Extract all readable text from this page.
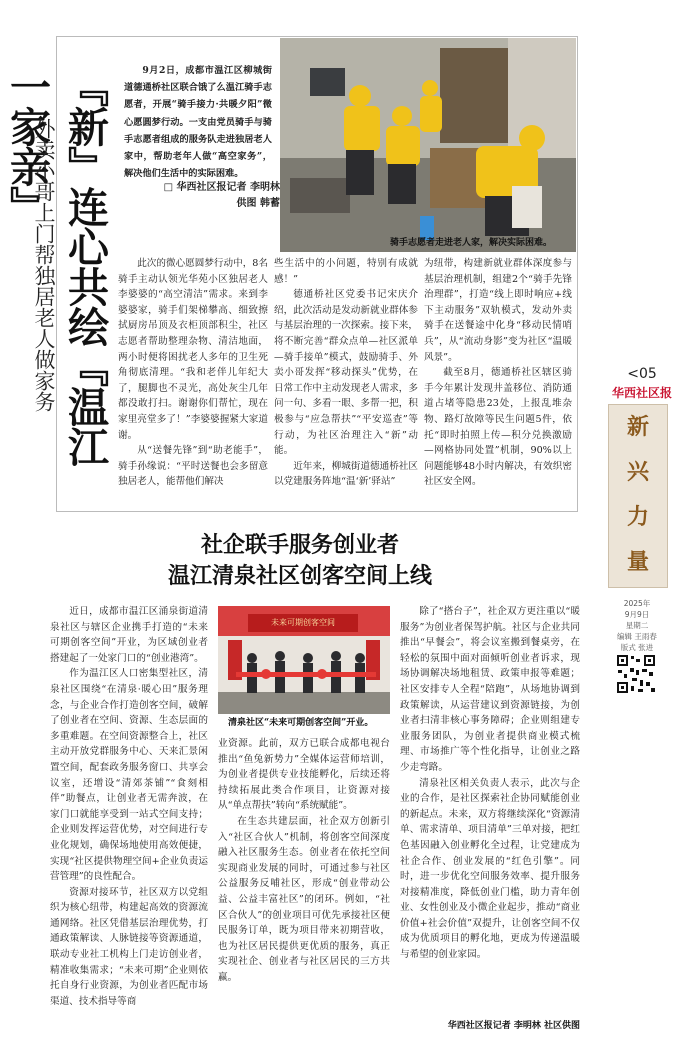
『新』连心共绘『温江一家亲』
外卖小哥上门帮独居老人做家务

9月2日，成都市温江区柳城街道德通桥社区联合饿了么温江骑手志愿者，开展“骑手接力·共暖夕阳”微心愿圆梦行动。一支由党员骑手与骑手志愿者组成的服务队走进独居老人家中，帮助老年人做“高空家务”，解决他们生活中的实际困难。

□ 华西社区报记者 李明林
供图 韩蓄
骑手志愿者走进老人家，解决实际困难。

此次的微心愿圆梦行动中，8名骑手主动认领光华苑小区独居老人李婆婆的“高空清洁”需求。来到李婆婆家，骑手们架梯攀高、细致擦拭厨房吊顶及衣柜顶部积尘，社区志愿者帮助整理杂物、清洁地面，两小时便将困扰老人多年的卫生死角彻底清理。“我和老伴儿年纪大了，腿脚也不灵光，高处灰尘几年都没敢打扫。谢谢你们帮忙，现在家里亮堂多了！”李婆婆握紧大家道谢。

从“送餐先锋”到“助老能手”，骑手孙缘说：“平时送餐也会多留意独居老人，能帮他们解决

些生活中的小问题，特别有成就感！”

德通桥社区党委书记宋庆介绍，此次活动是发动新就业群体参与基层治理的一次探索。接下来，将不断完善“群众点单—社区派单—骑手接单”模式，鼓励骑手、外卖小哥发挥“移动探头”优势，在日常工作中主动发现老人需求，多问一句、多看一眼、多帮一把，积极参与“应急帮扶”“平安巡查”等行动，为社区治理注入“新”动能。

近年来，柳城街道德通桥社区以党建服务阵地“温‘新’驿站”

为纽带，构建新就业群体深度参与基层治理机制，组建2个“骑手先锋治理群”，打造“线上即时响应+线下主动服务”双轨模式，发动外卖骑手在送餐途中化身“移动民情哨兵”，从“流动身影”变为社区“温暖风景”。

截至8月，德通桥社区辖区骑手今年累计发现井盖移位、消防通道占堵等隐患23处，上报乱堆杂物、路灯故障等民生问题5件，依托“即时拍照上传—积分兑换激励—网格协同处置”机制，90%以上问题能够48小时内解决，有效织密社区安全网。

<05
华西社区报
新
兴
力
量
2025年
9月9日
星期二
编辑 王雨春
版式 张进
社企联手服务创业者
温江清泉社区创客空间上线
未来可期创客空间
清泉社区“未来可期创客空间”开业。

近日，成都市温江区涌泉街道清泉社区与辖区企业携手打造的“未来可期创客空间”开业，为区域创业者搭建起了一处家门口的“创业港湾”。

作为温江区人口密集型社区，清泉社区围绕“在清泉·暖心田”服务理念，与企业合作打造创客空间，破解了创业者在空间、资源、生态层面的多重难题。在空间资源整合上，社区主动开放党群服务中心、天来汇景闲置空间，配套政务服务窗口、共享会议室，还增设“清郊茶铺”“食刻相伴”助餐点，让创业者无需奔波，在家门口就能享受到一站式空间支持；企业则发挥运营优势，对空间进行专业化规划，确保场地使用高效便捷，实现“社区提供物理空间+企业负责运营管理”的良性配合。

资源对接环节，社区双方以党组织为核心纽带，构建起高效的资源流通网络。社区凭借基层治理优势，打通政策解读、人脉链接等资源通道，联动专业社工机构上门走访创业者，精准收集需求；“未来可期”企业则依托自身行业资源，为创业者匹配市场渠道、技术指导等商

业资源。此前，双方已联合成都电视台推出“鱼兔新势力”全媒体运营师培训，为创业者提供专业技能孵化，后续还将持续拓展此类合作项目，让资源对接从“单点帮扶”转向“系统赋能”。

在生态共建层面，社企双方创新引入“社区合伙人”机制，将创客空间深度融入社区服务生态。创业者在依托空间实现商业发展的同时，可通过参与社区公益服务反哺社区，形成“创业带动公益、公益丰富社区”的闭环。例如，“社区合伙人”的创业项目可优先承接社区便民服务订单，既为项目带来初期营收，也为社区居民提供更优质的服务，真正实现社企、创业者与社区居民的三方共赢。

除了“搭台子”，社企双方更注重以“暖服务”为创业者保驾护航。社区与企业共同推出“早餐会”，将会议室搬到餐桌旁，在轻松的氛围中面对面倾听创业者诉求，现场协调解决场地租赁、政策申报等难题；社区安排专人全程“陪跑”，从场地协调到政策解读，从运营建议到资源链接，为创业者扫清非核心事务障碍；企业则组建专业服务团队，为创业者提供商业模式梳理、市场推广等个性化指导，让创业之路少走弯路。

清泉社区相关负责人表示，此次与企业的合作，是社区探索社企协同赋能创业的新起点。未来，双方将继续深化“资源清单、需求清单、项目清单”三单对接，把红色基因融入创业孵化全过程，让党建成为社企合作、创业发展的“红色引擎”。同时，进一步优化空间服务效率、提升服务对接精准度，降低创业门槛，助力青年创业、女性创业及小微企业起步，推动“商业价值+社会价值”双提升，让创客空间不仅成为优质项目的孵化地，更成为传递温暖与希望的创业家园。

华西社区报记者 李明林 社区供图
